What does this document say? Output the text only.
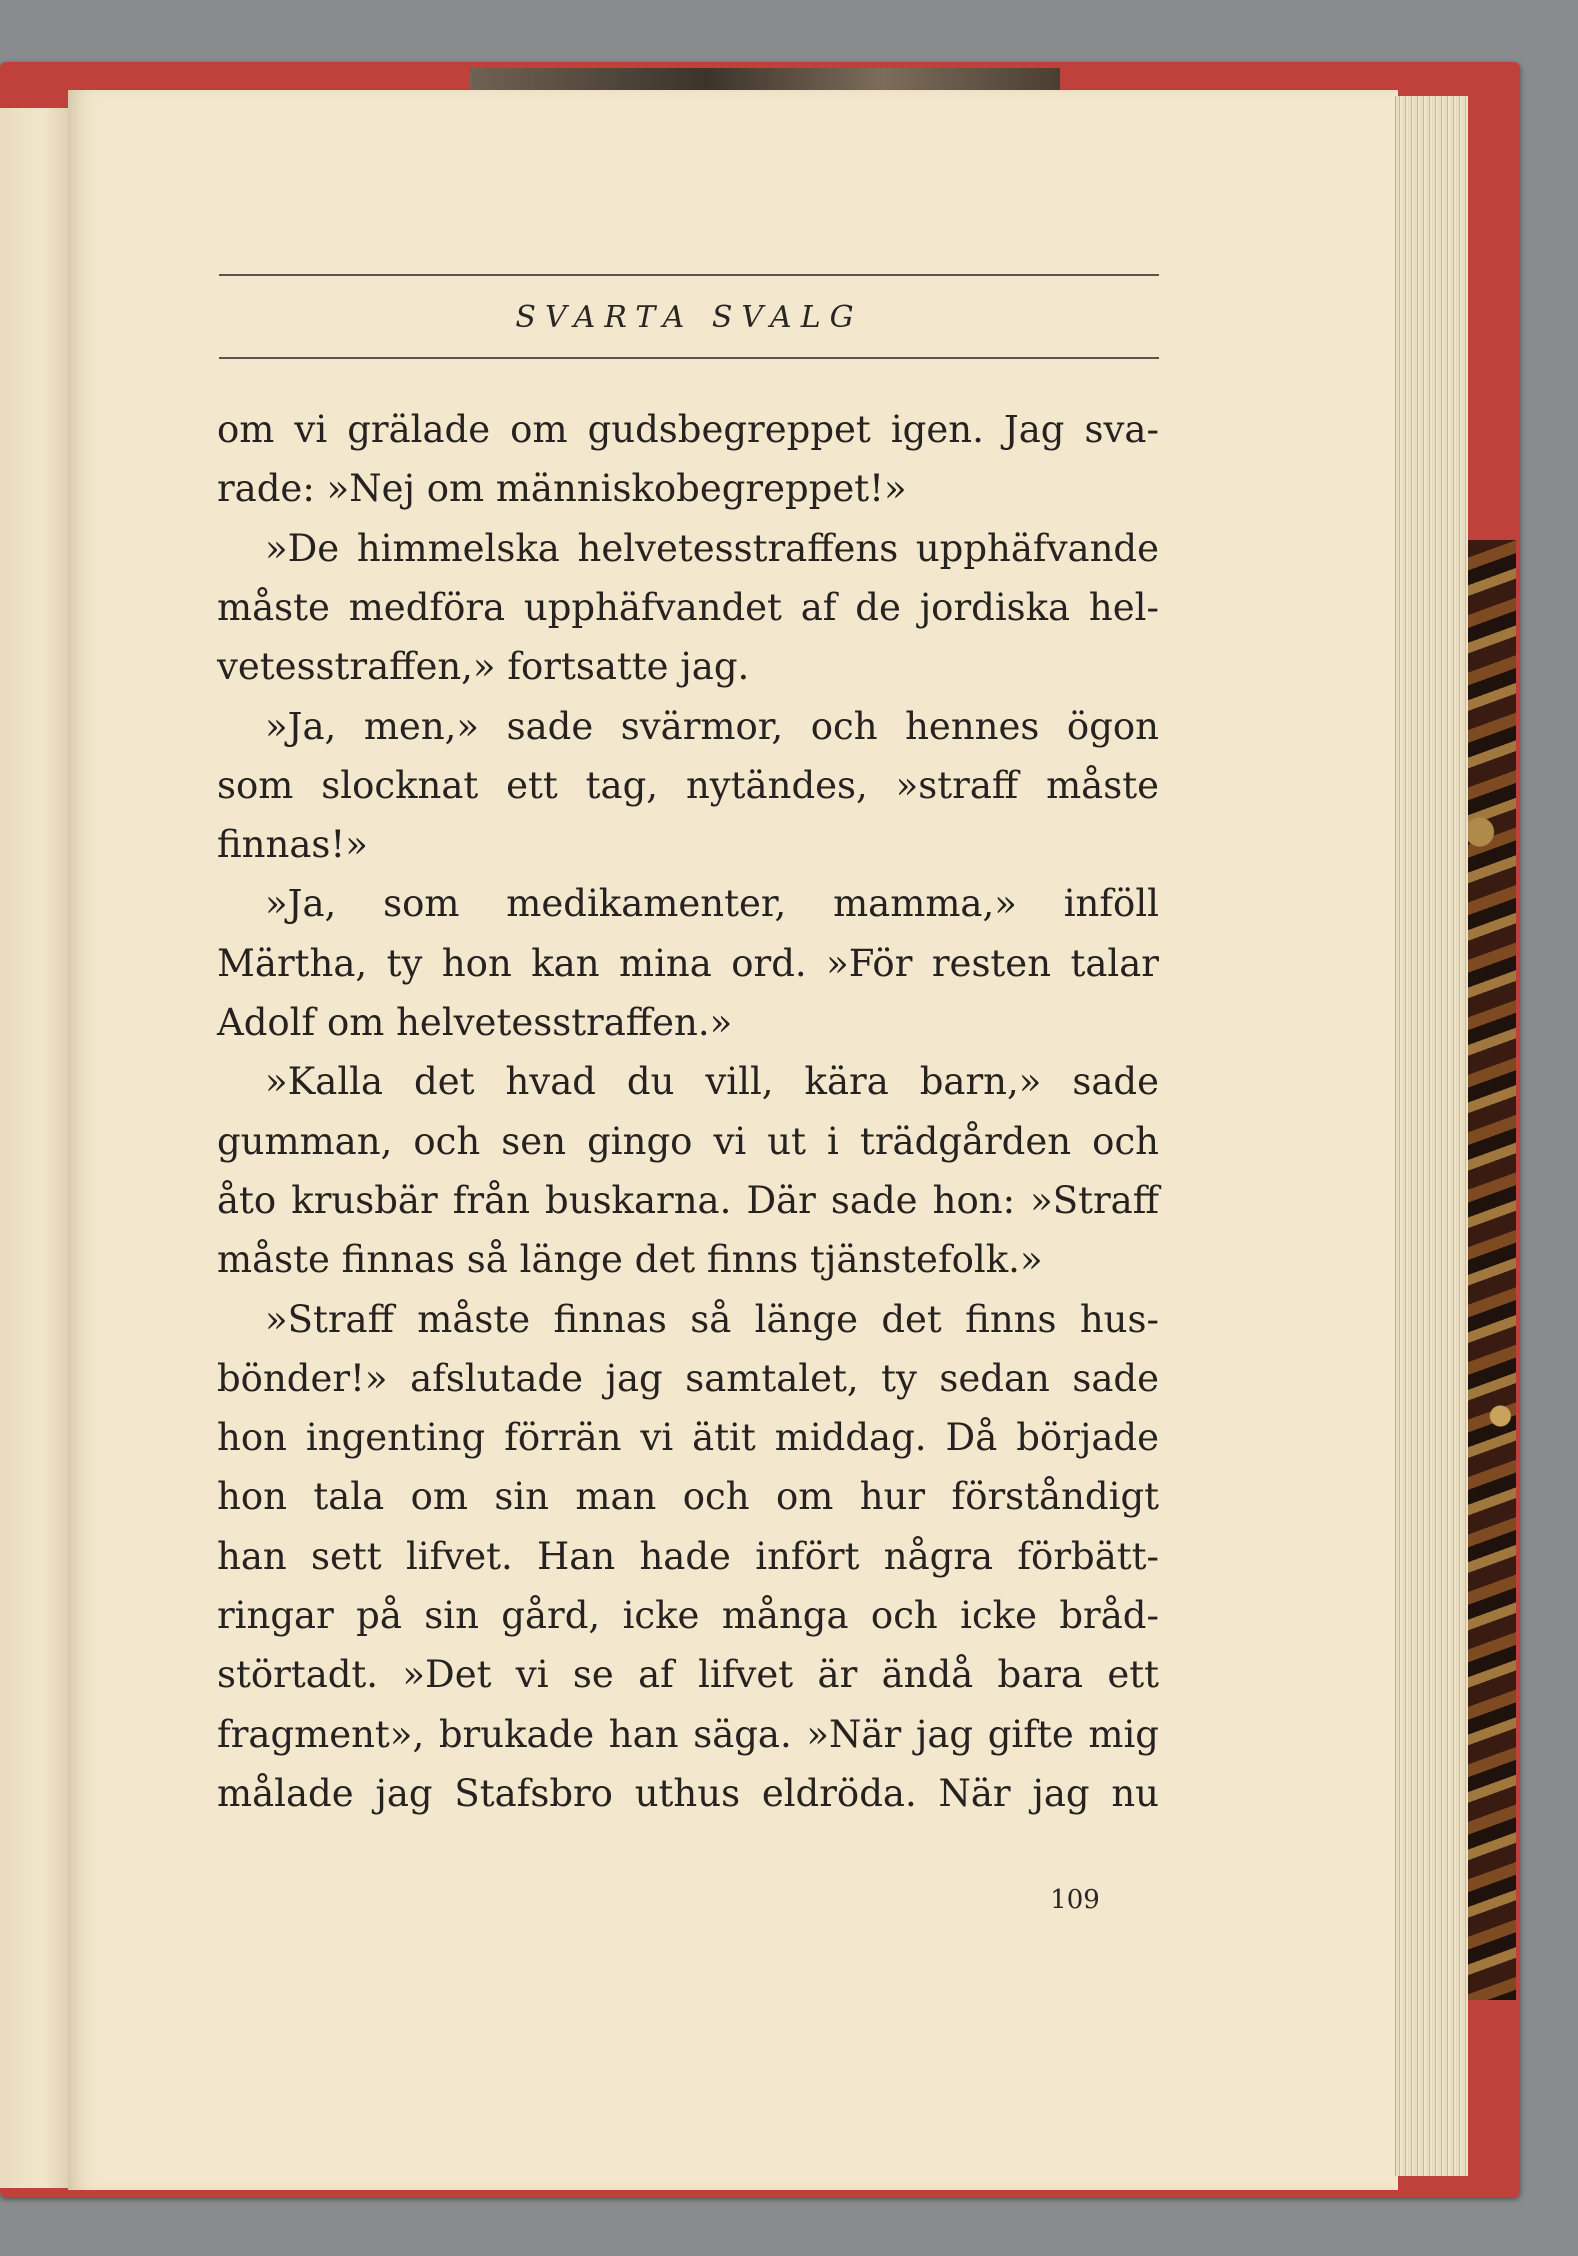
SVARTA SVALG
om vi grälade om gudsbegreppet igen. Jag sva-
rade: »Nej om människobegreppet!»
»De himmelska helvetesstraffens upphäfvande
måste medföra upphäfvandet af de jordiska hel-
vetesstraffen,» fortsatte jag.
»Ja, men,» sade svärmor, och hennes ögon
som slocknat ett tag, nytändes, »straff måste
finnas!»
»Ja, som medikamenter, mamma,» inföll
Märtha, ty hon kan mina ord. »För resten talar
Adolf om helvetesstraffen.»
»Kalla det hvad du vill, kära barn,» sade
gumman, och sen gingo vi ut i trädgården och
åto krusbär från buskarna. Där sade hon: »Straff
måste finnas så länge det finns tjänstefolk.»
»Straff måste finnas så länge det finns hus-
bönder!» afslutade jag samtalet, ty sedan sade
hon ingenting förrän vi ätit middag. Då började
hon tala om sin man och om hur förståndigt
han sett lifvet. Han hade infört några förbätt-
ringar på sin gård, icke många och icke bråd-
störtadt. »Det vi se af lifvet är ändå bara ett
fragment», brukade han säga. »När jag gifte mig
målade jag Stafsbro uthus eldröda. När jag nu
109
